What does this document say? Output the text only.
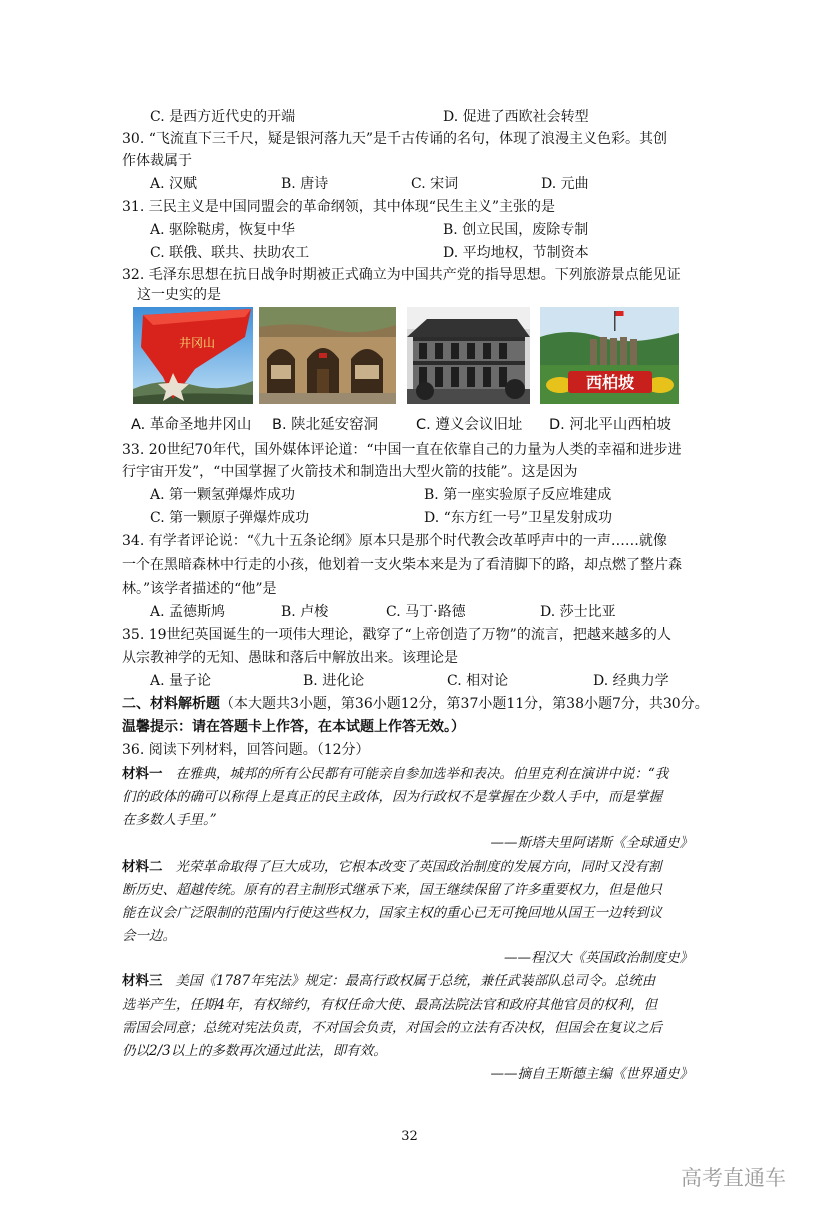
C. 是西方近代史的开端	D. 促进了西欧社会转型
30. “飞流直下三千尺，疑是银河落九天”是千古传诵的名句，体现了浪漫主义色彩。其创
作体裁属于
A. 汉赋	B. 唐诗	C. 宋词	D. 元曲
31. 三民主义是中国同盟会的革命纲领，其中体现“民生主义”主张的是
A. 驱除鞑虏，恢复中华	B. 创立民国，废除专制
C. 联俄、联共、扶助农工	D. 平均地权，节制资本
32. 毛泽东思想在抗日战争时期被正式确立为中国共产党的指导思想。下列旅游景点能见证
这一史实的是
井冈山
西柏坡
A. 革命圣地井冈山 B. 陕北延安窑洞	C. 遵义会议旧址 D. 河北平山西柏坡
33. 20世纪70年代，国外媒体评论道：“中国一直在依靠自己的力量为人类的幸福和进步进
行宇宙开发”，“中国掌握了火箭技术和制造出大型火箭的技能”。这是因为
A. 第一颗氢弹爆炸成功	B. 第一座实验原子反应堆建成
C. 第一颗原子弹爆炸成功	D. “东方红一号”卫星发射成功
34. 有学者评论说：“《九十五条论纲》原本只是那个时代教会改革呼声中的一声……就像
一个在黑暗森林中行走的小孩，他划着一支火柴本来是为了看清脚下的路，却点燃了整片森
林。”该学者描述的“他”是
A. 孟德斯鸠	B. 卢梭	C. 马丁·路德	D. 莎士比亚
35. 19世纪英国诞生的一项伟大理论，戳穿了“上帝创造了万物”的流言，把越来越多的人
从宗教神学的无知、愚昧和落后中解放出来。该理论是
A. 量子论	B. 进化论	C. 相对论	D. 经典力学
二、材料解析题（本大题共3小题，第36小题12分，第37小题11分，第38小题7分，共30分。
温馨提示：请在答题卡上作答，在本试题上作答无效。）
36. 阅读下列材料，回答问题。（12分）
材料一 在雅典，城邦的所有公民都有可能亲自参加选举和表决。伯里克利在演讲中说：“我
们的政体的确可以称得上是真正的民主政体，因为行政权不是掌握在少数人手中，而是掌握
在多数人手里。”
——斯塔夫里阿诺斯《全球通史》
材料二 光荣革命取得了巨大成功，它根本改变了英国政治制度的发展方向，同时又没有割
断历史、超越传统。原有的君主制形式继承下来，国王继续保留了许多重要权力，但是他只
能在议会广泛限制的范围内行使这些权力，国家主权的重心已无可挽回地从国王一边转到议
会一边。
——程汉大《英国政治制度史》
材料三 美国《1787年宪法》规定：最高行政权属于总统，兼任武装部队总司令。总统由
选举产生，任期4年，有权缔约，有权任命大使、最高法院法官和政府其他官员的权利，但
需国会同意；总统对宪法负责，不对国会负责，对国会的立法有否决权，但国会在复议之后
仍以2/3以上的多数再次通过此法，即有效。
——摘自王斯德主编《世界通史》
32
高考直通车
